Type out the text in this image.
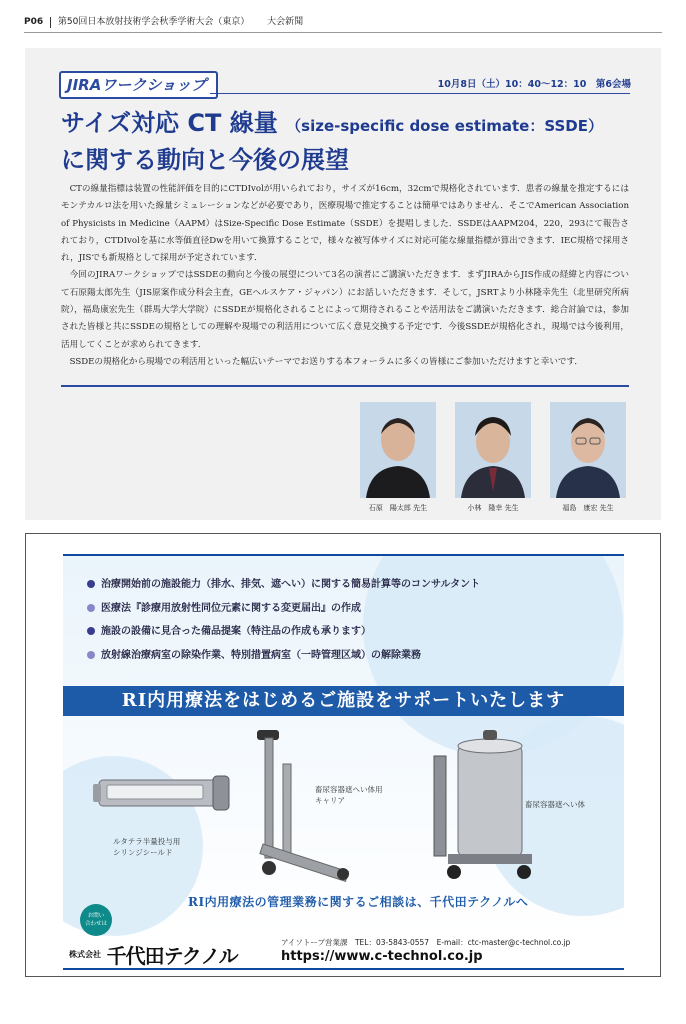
P06 第50回日本放射技術学会秋季学術大会（東京） 大会新聞
JIRAワークショップ	10月8日（土）10：40～12：10　第6会場
サイズ対応 CT 線量 （size-specific dose estimate：SSDE）
に関する動向と今後の展望

CTの線量指標は装置の性能評価を目的にCTDIvolが用いられており，サイズが16cm，32cmで規格化されています．患者の線量を推定するにはモンテカルロ法を用いた線量シミュレーションなどが必要であり，医療現場で推定することは簡単ではありません．そこでAmerican Association of Physicists in Medicine（AAPM）はSize-Specific Dose Estimate（SSDE）を提唱しました．SSDEはAAPM204，220，293にて報告されており，CTDIvolを基に水等価直径Dwを用いて換算することで，様々な被写体サイズに対応可能な線量指標が算出できます．IEC規格で採用され，JISでも新規格として採用が予定されています．

今回のJIRAワークショップではSSDEの動向と今後の展望について3名の演者にご講演いただきます．まずJIRAからJIS作成の経緯と内容について石原陽太郎先生（JIS原案作成分科会主査，GEヘルスケア・ジャパン）にお話しいただきます．そして，JSRTより小林隆幸先生（北里研究所病院），福島康宏先生（群馬大学大学院）にSSDEが規格化されることによって期待されることや活用法をご講演いただきます．総合討論では，参加された皆様と共にSSDEの規格としての理解や現場での利活用について広く意見交換する予定です．今後SSDEが規格化され，現場では今後利用，活用してくことが求められてきます．

SSDEの規格化から現場での利活用といった幅広いテーマでお送りする本フォーラムに多くの皆様にご参加いただけますと幸いです．

石原　陽太郎 先生	小林　隆幸 先生	福島　康宏 先生
治療開始前の施設能力（排水、排気、遮へい）に関する簡易計算等のコンサルタント
医療法『診療用放射性同位元素に関する変更届出』の作成
施設の設備に見合った備品提案（特注品の作成も承ります）
放射線治療病室の除染作業、特別措置病室（一時管理区域）の解除業務
RI内用療法をはじめるご施設をサポートいたします
ルタテラ半量投与用
シリンジシールド
畜尿容器遮へい体用
キャリア	畜尿容器遮へい体
RI内用療法の管理業務に関するご相談は、千代田テクノルへ
お問い
合わせは
株式会社 千代田テクノル
アイソトープ営業課　TEL：03-5843-0557　E-mail：ctc-master@c-technol.co.jp
https://www.c-technol.co.jp
